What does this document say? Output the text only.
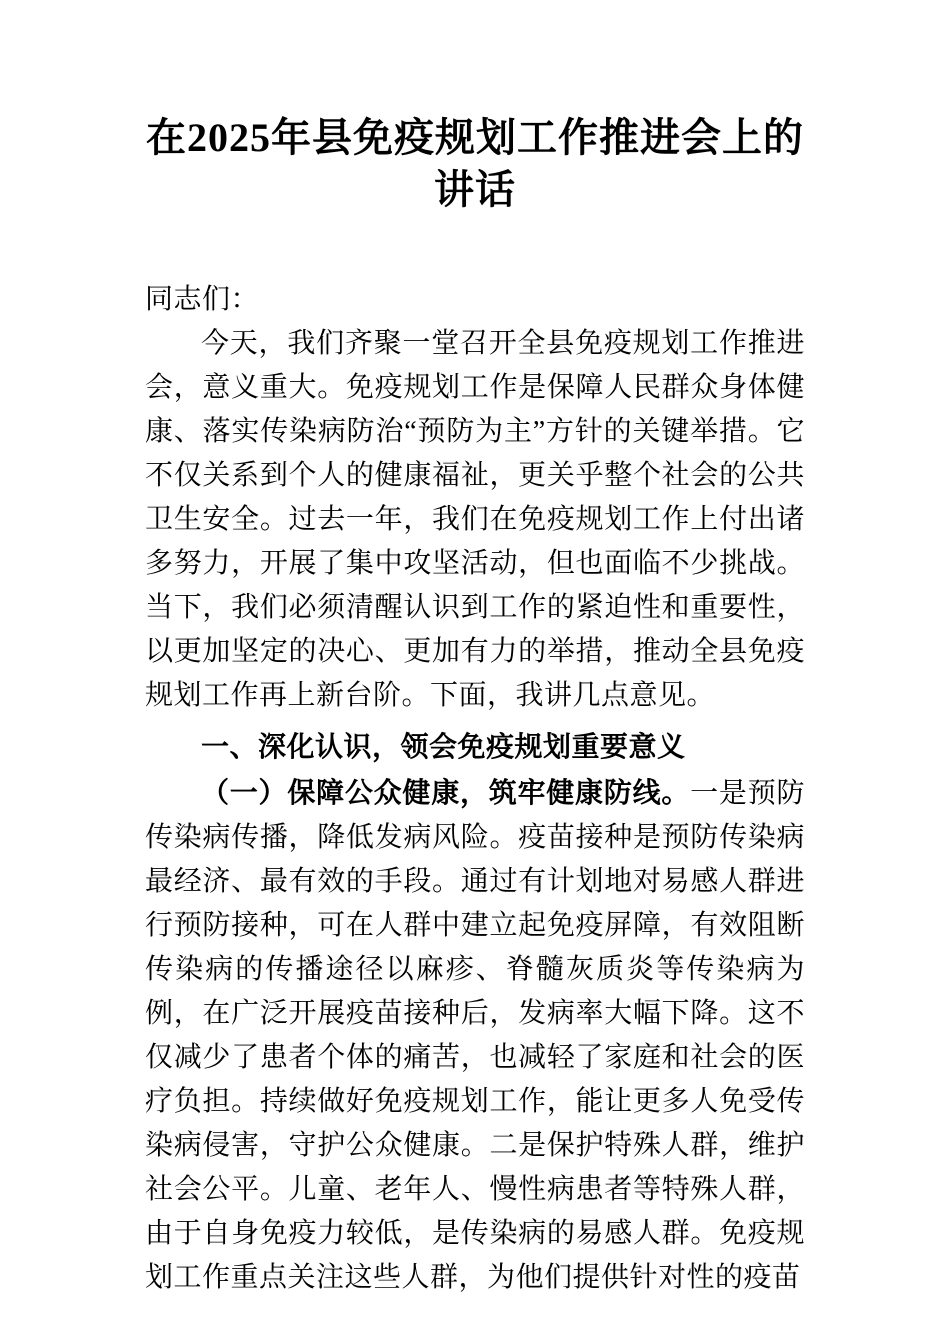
在2025年县免疫规划工作推进会上的讲话

同志们：

今天，我们齐聚一堂召开全县免疫规划工作推进会，意义重大。免疫规划工作是保障人民群众身体健康、落实传染病防治“预防为主”方针的关键举措。它不仅关系到个人的健康福祉，更关乎整个社会的公共卫生安全。过去一年，我们在免疫规划工作上付出诸多努力，开展了集中攻坚活动，但也面临不少挑战。当下，我们必须清醒认识到工作的紧迫性和重要性，以更加坚定的决心、更加有力的举措，推动全县免疫规划工作再上新台阶。下面，我讲几点意见。

一、深化认识，领会免疫规划重要意义

（一）保障公众健康，筑牢健康防线。一是预防传染病传播，降低发病风险。疫苗接种是预防传染病最经济、最有效的手段。通过有计划地对易感人群进行预防接种，可在人群中建立起免疫屏障，有效阻断传染病的传播途径以麻疹、脊髓灰质炎等传染病为例，在广泛开展疫苗接种后，发病率大幅下降。这不仅减少了患者个体的痛苦，也减轻了家庭和社会的医疗负担。持续做好免疫规划工作，能让更多人免受传染病侵害，守护公众健康。二是保护特殊人群，维护社会公平。儿童、老年人、慢性病患者等特殊人群，由于自身免疫力较低，是传染病的易感人群。免疫规划工作重点关注这些人群，为他们提供针对性的疫苗
